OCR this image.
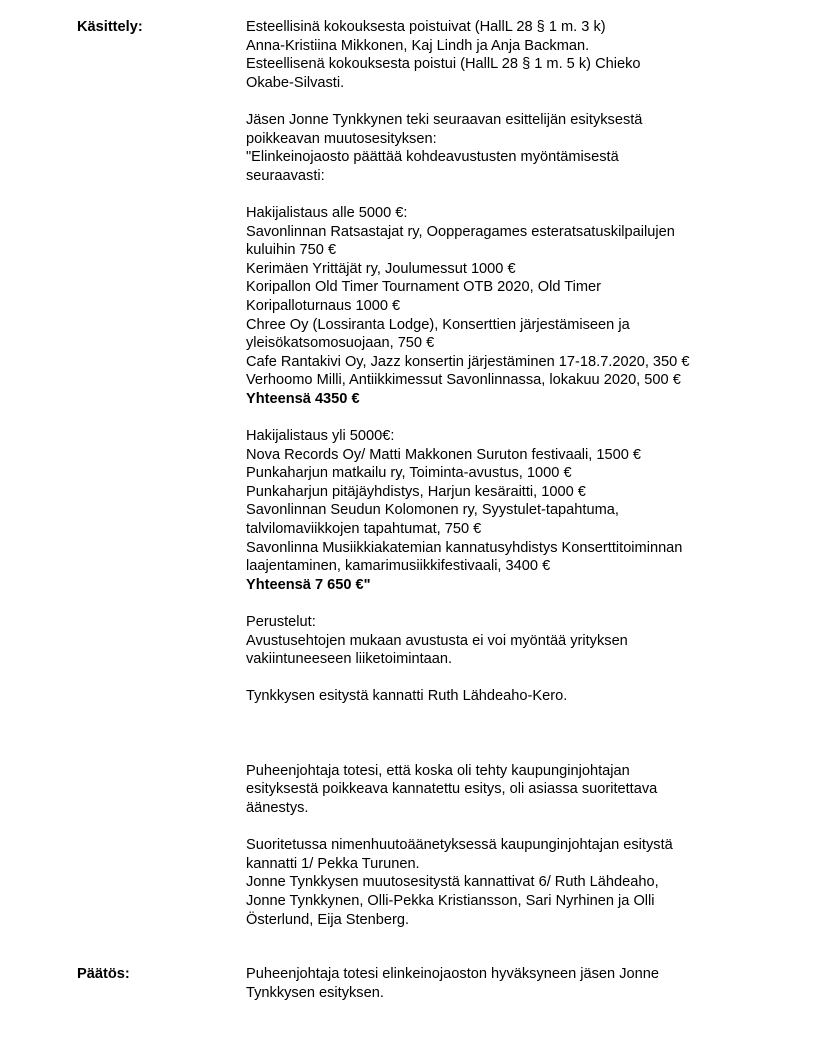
Käsittely:	Esteellisinä kokouksesta poistuivat (HallL 28 § 1 m. 3 k)
Anna-Kristiina Mikkonen, Kaj Lindh ja Anja Backman.
Esteellisenä kokouksesta poistui (HallL 28 § 1 m. 5 k) Chieko
Okabe-Silvasti.
Jäsen Jonne Tynkkynen teki seuraavan esittelijän esityksestä
poikkeavan muutosesityksen:
"Elinkeinojaosto päättää kohdeavustusten myöntämisestä
seuraavasti:
Hakijalistaus alle 5000 €:
Savonlinnan Ratsastajat ry, Oopperagames esteratsatuskilpailujen
kuluihin 750 €
Kerimäen Yrittäjät ry, Joulumessut 1000 €
Koripallon Old Timer Tournament OTB 2020, Old Timer
Koripalloturnaus 1000 €
Chree Oy (Lossiranta Lodge), Konserttien järjestämiseen ja
yleisökatsomosuojaan, 750 €
Cafe Rantakivi Oy, Jazz konsertin järjestäminen 17-18.7.2020, 350 €
Verhoomo Milli, Antiikkimessut Savonlinnassa, lokakuu 2020, 500 €
Yhteensä 4350 €
Hakijalistaus yli 5000€:
Nova Records Oy/ Matti Makkonen Suruton festivaali, 1500 €
Punkaharjun matkailu ry, Toiminta-avustus, 1000 €
Punkaharjun pitäjäyhdistys, Harjun kesäraitti, 1000 €
Savonlinnan Seudun Kolomonen ry, Syystulet-tapahtuma,
talvilomaviikkojen tapahtumat, 750 €
Savonlinna Musiikkiakatemian kannatusyhdistys Konserttitoiminnan
laajentaminen, kamarimusiikkifestivaali, 3400 €
Yhteensä 7 650 €"
Perustelut:
Avustusehtojen mukaan avustusta ei voi myöntää yrityksen
vakiintuneeseen liiketoimintaan.
Tynkkysen esitystä kannatti Ruth Lähdeaho-Kero.
Puheenjohtaja totesi, että koska oli tehty kaupunginjohtajan
esityksestä poikkeava kannatettu esitys, oli asiassa suoritettava
äänestys.
Suoritetussa nimenhuutoäänetyksessä kaupunginjohtajan esitystä
kannatti 1/ Pekka Turunen.
Jonne Tynkkysen muutosesitystä kannattivat 6/ Ruth Lähdeaho,
Jonne Tynkkynen, Olli-Pekka Kristiansson, Sari Nyrhinen ja Olli
Österlund, Eija Stenberg.
Päätös:	Puheenjohtaja totesi elinkeinojaoston hyväksyneen jäsen Jonne
Tynkkysen esityksen.
